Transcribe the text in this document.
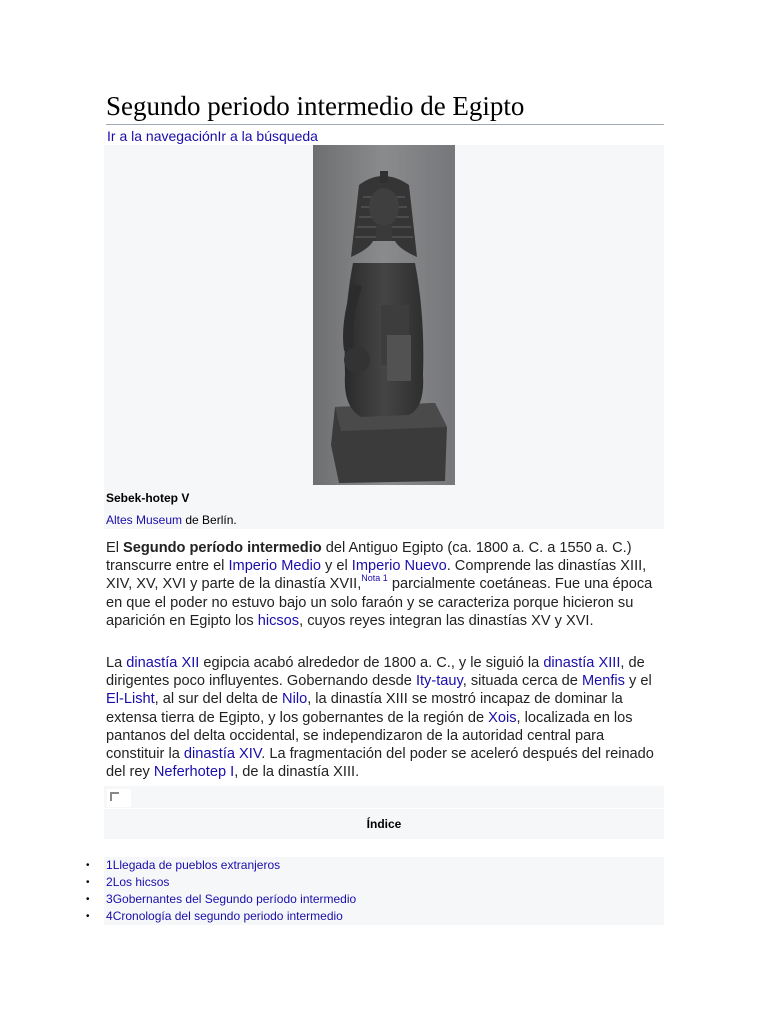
Segundo periodo intermedio de Egipto
Ir a la navegaciónIr a la búsqueda
Sebek-hotep V
Altes Museum de Berlín.

El Segundo período intermedio del Antiguo Egipto (ca. 1800 a. C. a 1550 a. C.) transcurre entre el Imperio Medio y el Imperio Nuevo. Comprende las dinastías XIII, XIV, XV, XVI y parte de la dinastía XVII,$^{Nota 1}$ parcialmente coetáneas. Fue una época en que el poder no estuvo bajo un solo faraón y se caracteriza porque hicieron su aparición en Egipto los hicsos, cuyos reyes integran las dinastías XV y XVI.

La dinastía XII egipcia acabó alrededor de 1800 a. C., y le siguió la dinastía XIII, de dirigentes poco influyentes. Gobernando desde Ity-tauy, situada cerca de Menfis y el El-Lisht, al sur del delta de Nilo, la dinastía XIII se mostró incapaz de dominar la extensa tierra de Egipto, y los gobernantes de la región de Xois, localizada en los pantanos del delta occidental, se independizaron de la autoridad central para constituir la dinastía XIV. La fragmentación del poder se aceleró después del reinado del rey Neferhotep I, de la dinastía XIII.

Índice
• 1Llegada de pueblos extranjeros
• 2Los hicsos
• 3Gobernantes del Segundo período intermedio
• 4Cronología del segundo periodo intermedio
